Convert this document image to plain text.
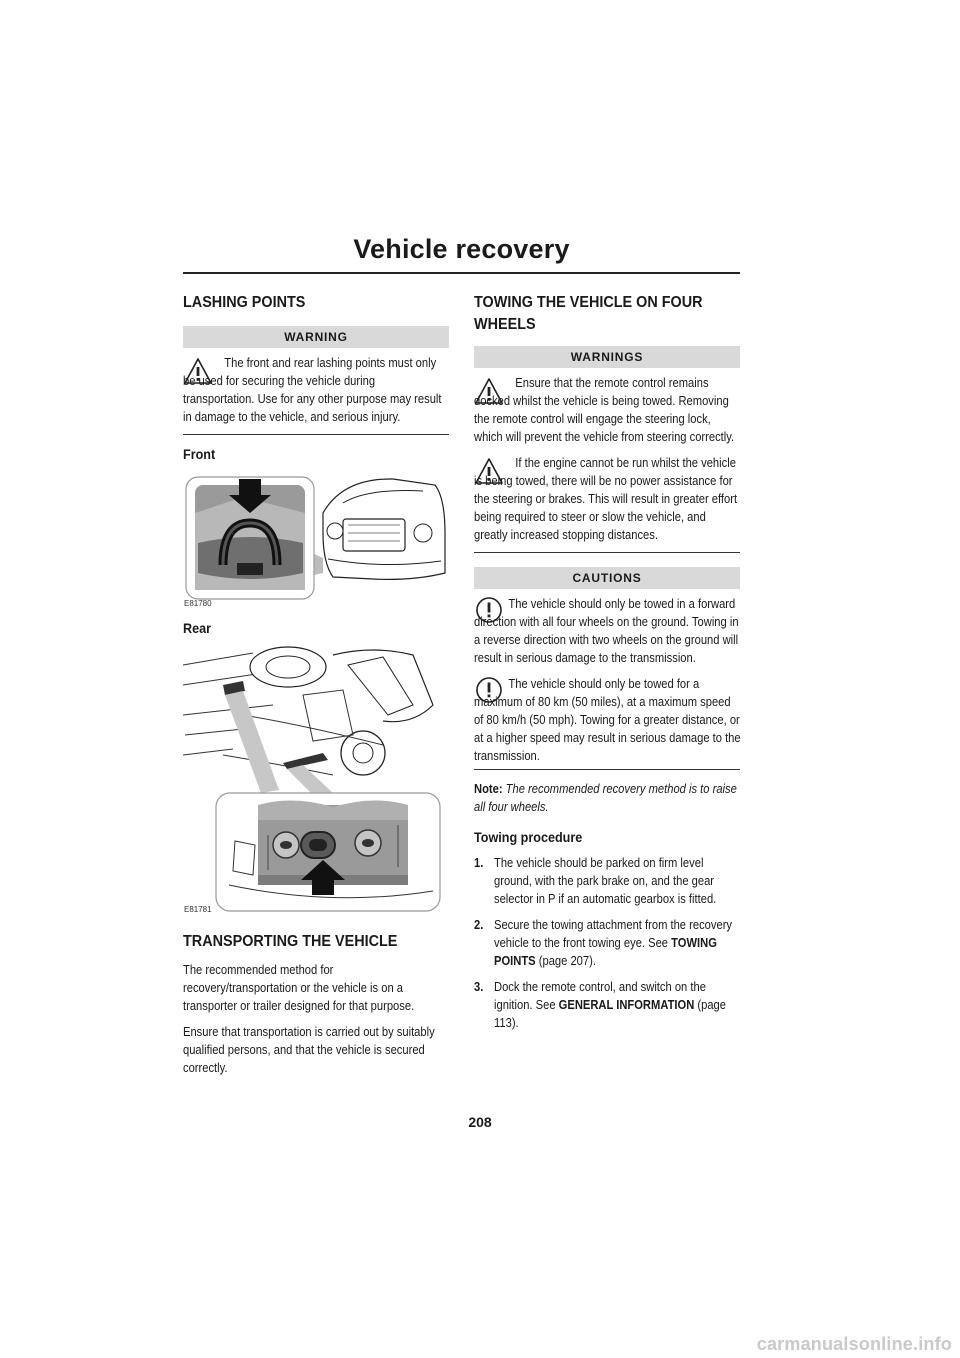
Vehicle recovery
LASHING POINTS
WARNING

The front and rear lashing points must only be used for securing the vehicle during transportation. Use for any other purpose may result in damage to the vehicle, and serious injury.

Front
E81780
Rear
E81781
TRANSPORTING THE VEHICLE

The recommended method for recovery/transportation or the vehicle is on a transporter or trailer designed for that purpose.

Ensure that transportation is carried out by suitably qualified persons, and that the vehicle is secured correctly.

TOWING THE VEHICLE ON FOUR
WHEELS
WARNINGS

Ensure that the remote control remains docked whilst the vehicle is being towed. Removing the remote control will engage the steering lock, which will prevent the vehicle from steering correctly.

If the engine cannot be run whilst the vehicle is being towed, there will be no power assistance for the steering or brakes. This will result in greater effort being required to steer or slow the vehicle, and greatly increased stopping distances.

CAUTIONS

The vehicle should only be towed in a forward direction with all four wheels on the ground. Towing in a reverse direction with two wheels on the ground will result in serious damage to the transmission.

The vehicle should only be towed for a maximum of 80 km (50 miles), at a maximum speed of 80 km/h (50 mph). Towing for a greater distance, or at a higher speed may result in serious damage to the transmission.

Note: The recommended recovery method is to raise all four wheels.

Towing procedure
1. The vehicle should be parked on firm level ground, with the park brake on, and the gear selector in P if an automatic gearbox is fitted.

2. Secure the towing attachment from the recovery vehicle to the front towing eye. See TOWING POINTS (page 207).

3. Dock the remote control, and switch on the ignition. See GENERAL INFORMATION (page 113).

208
carmanualsonline.info
